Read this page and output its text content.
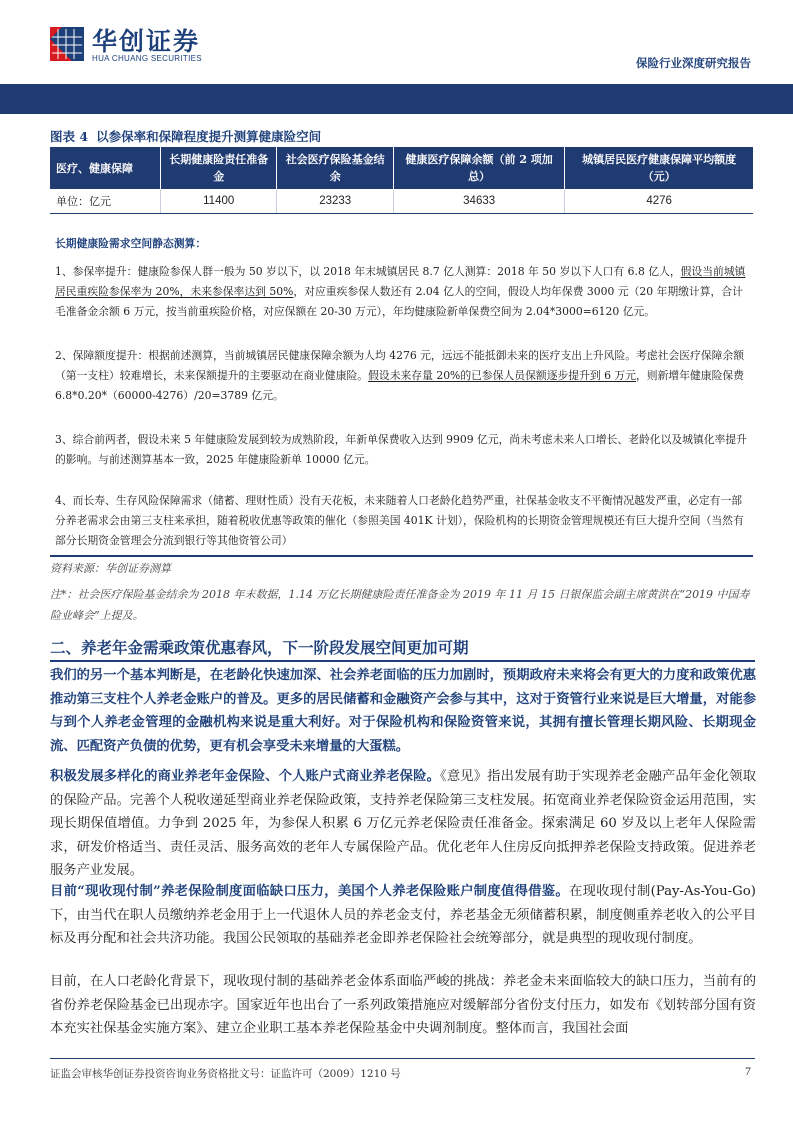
华创证券
HUA CHUANG SECURITIES	保险行业深度研究报告
图表 4 以参保率和保障程度提升测算健康险空间
医疗、健康保障	长期健康险责任准备金	社会医疗保险基金结余	健康医疗保障余额（前 2 项加总）	城镇居民医疗健康保障平均额度（元）
单位：亿元	11400	23233	34633	4276
长期健康险需求空间静态测算：
1、参保率提升：健康险参保人群一般为 50 岁以下，以 2018 年末城镇居民 8.7 亿人测算：2018 年 50 岁以下人口有 6.8 亿人，假设当前城镇居民重疾险参保率为 20%，未来参保率达到 50%，对应重疾参保人数还有 2.04 亿人的空间，假设人均年保费 3000 元（20 年期缴计算，合计毛准备金余额 6 万元，按当前重疾险价格，对应保额在 20-30 万元），年均健康险新单保费空间为 2.04*3000=6120 亿元。
2、保障额度提升：根据前述测算，当前城镇居民健康保障余额为人均 4276 元，远远不能抵御未来的医疗支出上升风险。考虑社会医疗保障余额（第一支柱）较难增长，未来保额提升的主要驱动在商业健康险。假设未来存量 20%的已参保人员保额逐步提升到 6 万元，则新增年健康险保费 6.8*0.20*（60000-4276）/20=3789 亿元。
3、综合前两者，假设未来 5 年健康险发展到较为成熟阶段，年新单保费收入达到 9909 亿元，尚未考虑未来人口增长、老龄化以及城镇化率提升的影响。与前述测算基本一致，2025 年健康险新单 10000 亿元。
4、而长寿、生存风险保障需求（储蓄、理财性质）没有天花板，未来随着人口老龄化趋势严重，社保基金收支不平衡情况越发严重，必定有一部分养老需求会由第三支柱来承担，随着税收优惠等政策的催化（参照美国 401K 计划），保险机构的长期资金管理规模还有巨大提升空间（当然有部分长期资金管理会分流到银行等其他资管公司）
资料来源：华创证券测算
注*：社会医疗保险基金结余为 2018 年末数据，1.14 万亿长期健康险责任准备金为 2019 年 11 月 15 日银保监会副主席黄洪在“2019 中国寿险业峰会”上提及。
二、养老年金需乘政策优惠春风，下一阶段发展空间更加可期
我们的另一个基本判断是，在老龄化快速加深、社会养老面临的压力加剧时，预期政府未来将会有更大的力度和政策优惠推动第三支柱个人养老金账户的普及。更多的居民储蓄和金融资产会参与其中，这对于资管行业来说是巨大增量，对能参与到个人养老金管理的金融机构来说是重大利好。对于保险机构和保险资管来说，其拥有擅长管理长期风险、长期现金流、匹配资产负债的优势，更有机会享受未来增量的大蛋糕。
积极发展多样化的商业养老年金保险、个人账户式商业养老保险。《意见》指出发展有助于实现养老金融产品年金化领取的保险产品。完善个人税收递延型商业养老保险政策，支持养老保险第三支柱发展。拓宽商业养老保险资金运用范围，实现长期保值增值。力争到 2025 年，为参保人积累 6 万亿元养老保险责任准备金。探索满足 60 岁及以上老年人保险需求，研发价格适当、责任灵活、服务高效的老年人专属保险产品。优化老年人住房反向抵押养老保险支持政策。促进养老服务产业发展。
目前“现收现付制”养老保险制度面临缺口压力，美国个人养老保险账户制度值得借鉴。在现收现付制(Pay-As-You-Go)下，由当代在职人员缴纳养老金用于上一代退休人员的养老金支付，养老基金无须储蓄积累，制度侧重养老收入的公平目标及再分配和社会共济功能。我国公民领取的基础养老金即养老保险社会统筹部分，就是典型的现收现付制度。
目前，在人口老龄化背景下，现收现付制的基础养老金体系面临严峻的挑战：养老金未来面临较大的缺口压力，当前有的省份养老保险基金已出现赤字。国家近年也出台了一系列政策措施应对缓解部分省份支付压力，如发布《划转部分国有资本充实社保基金实施方案》、建立企业职工基本养老保险基金中央调剂制度。整体而言，我国社会面
证监会审核华创证券投资咨询业务资格批文号：证监许可（2009）1210 号	7
